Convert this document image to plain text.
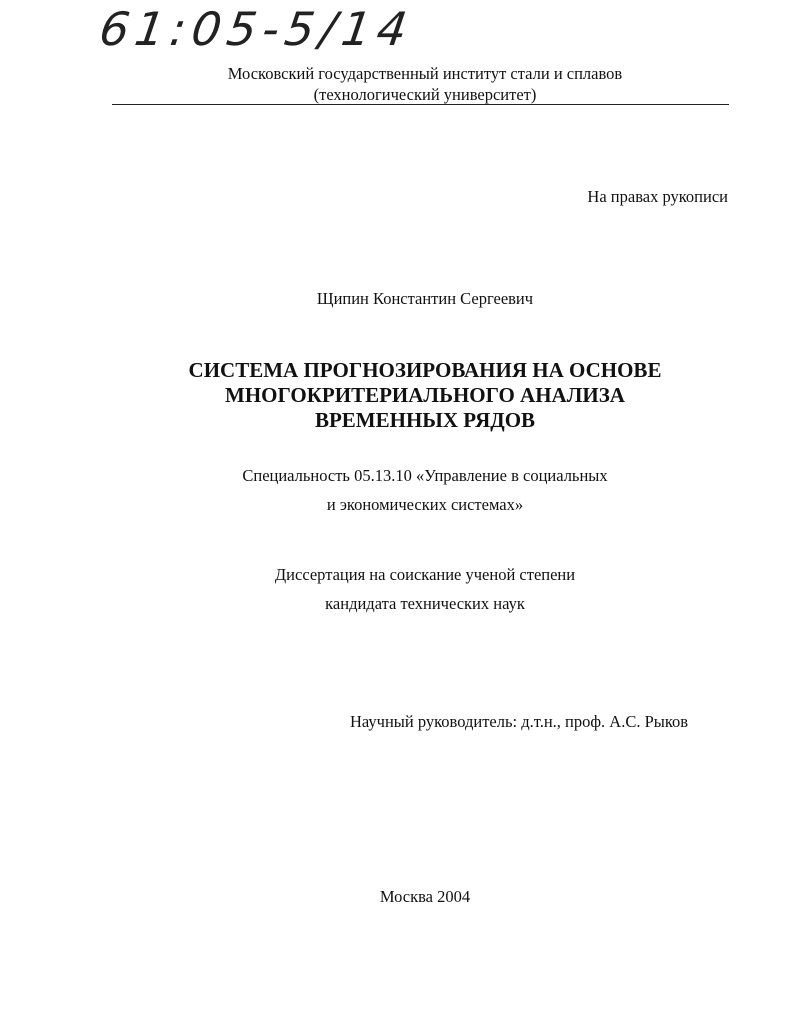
61:05-5/14
Московский государственный институт стали и сплавов
(технологический университет)
На правах рукописи
Щипин Константин Сергеевич
СИСТЕМА ПРОГНОЗИРОВАНИЯ НА ОСНОВЕ
МНОГОКРИТЕРИАЛЬНОГО АНАЛИЗА
ВРЕМЕННЫХ РЯДОВ
Специальность 05.13.10 «Управление в социальных
и экономических системах»
Диссертация на соискание ученой степени
кандидата технических наук
Научный руководитель: д.т.н., проф. А.С. Рыков
Москва 2004
